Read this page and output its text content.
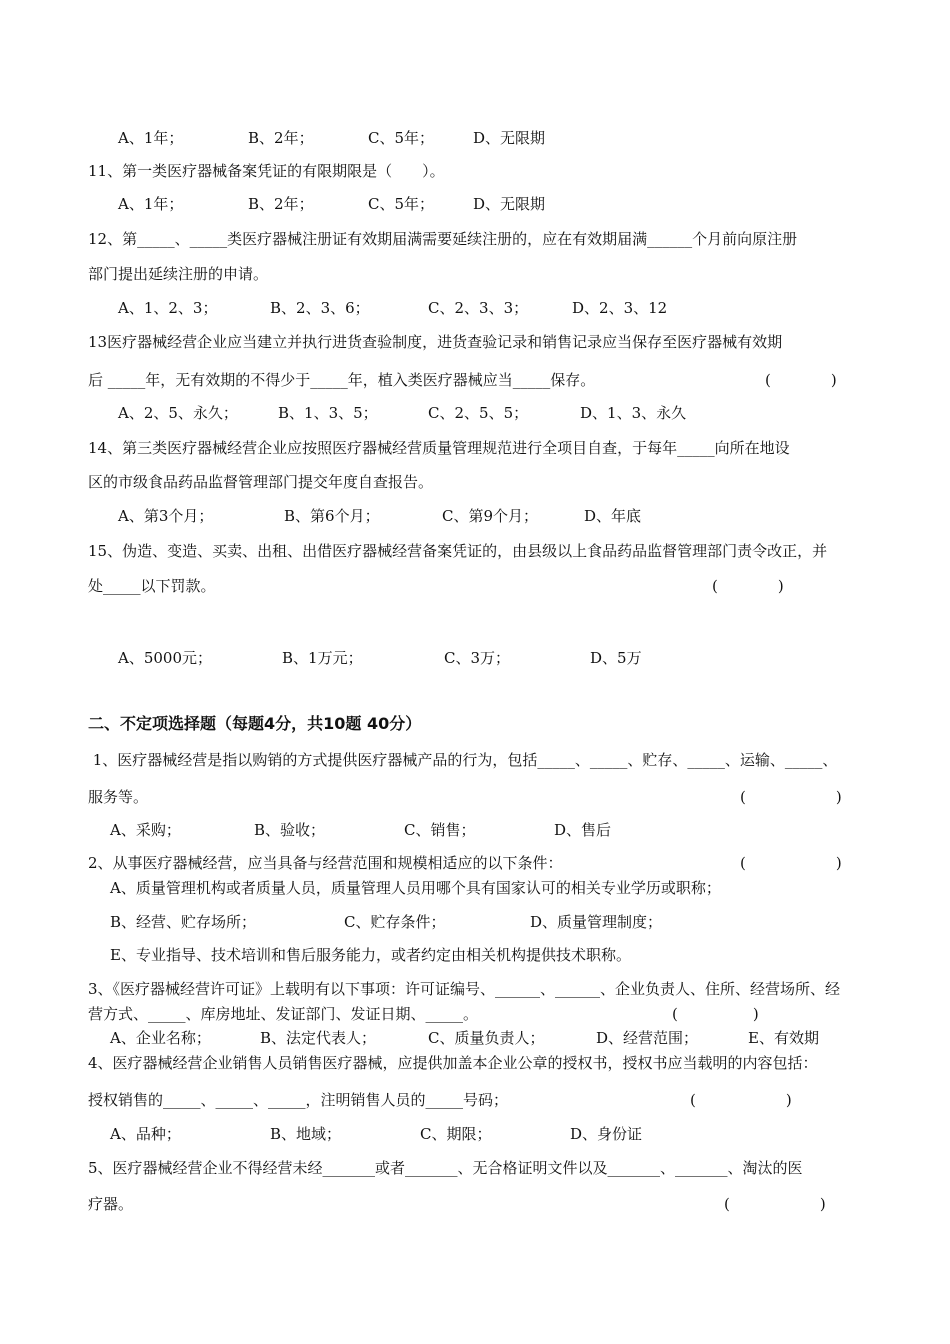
A、1年；	B、2年；	C、5年；	D、无限期
11、第一类医疗器械备案凭证的有限期限是（　　）。
A、1年；	B、2年；	C、5年；	D、无限期
12、第_____、_____类医疗器械注册证有效期届满需要延续注册的，应在有效期届满______个月前向原注册
部门提出延续注册的申请。
A、1、2、3；	B、2、3、6；	C、2、3、3；	D、2、3、12
13医疗器械经营企业应当建立并执行进货查验制度，进货查验记录和销售记录应当保存至医疗器械有效期
后 _____年，无有效期的不得少于_____年，植入类医疗器械应当_____保存。	(　　　　)
A、2、5、永久；	B、1、3、5；	C、2、5、5；	D、1、3、永久
14、第三类医疗器械经营企业应按照医疗器械经营质量管理规范进行全项目自查，于每年_____向所在地设
区的市级食品药品监督管理部门提交年度自查报告。
A、第3个月；	B、第6个月；	C、第9个月；	D、年底
15、伪造、变造、买卖、出租、出借医疗器械经营备案凭证的，由县级以上食品药品监督管理部门责令改正，并
处_____以下罚款。	(　　　　)
A、5000元；	B、1万元；	C、3万；	D、5万
二、不定项选择题（每题4分，共10题 40分）
1、医疗器械经营是指以购销的方式提供医疗器械产品的行为，包括_____、_____、贮存、_____、运输、_____、
服务等。	(　　　　　　)
A、采购；	B、验收；	C、销售；	D、售后
2、从事医疗器械经营，应当具备与经营范围和规模相适应的以下条件：	(　　　　　　)
A、质量管理机构或者质量人员，质量管理人员用哪个具有国家认可的相关专业学历或职称；
B、经营、贮存场所；	C、贮存条件；	D、质量管理制度；
E、专业指导、技术培训和售后服务能力，或者约定由相关机构提供技术职称。
3、《医疗器械经营许可证》上载明有以下事项：许可证编号、______、______、企业负责人、住所、经营场所、经
营方式、_____、库房地址、发证部门、发证日期、_____。	(　　　　　)
A、企业名称；	B、法定代表人；	C、质量负责人；	D、经营范围；	E、有效期
4、医疗器械经营企业销售人员销售医疗器械，应提供加盖本企业公章的授权书，授权书应当载明的内容包括：
授权销售的_____、_____、_____，注明销售人员的_____号码；	(　　　　　　)
A、品种；	B、地域；	C、期限；	D、身份证
5、医疗器械经营企业不得经营未经_______或者_______、无合格证明文件以及_______、_______、淘汰的医
疗器。	(　　　　　　)
